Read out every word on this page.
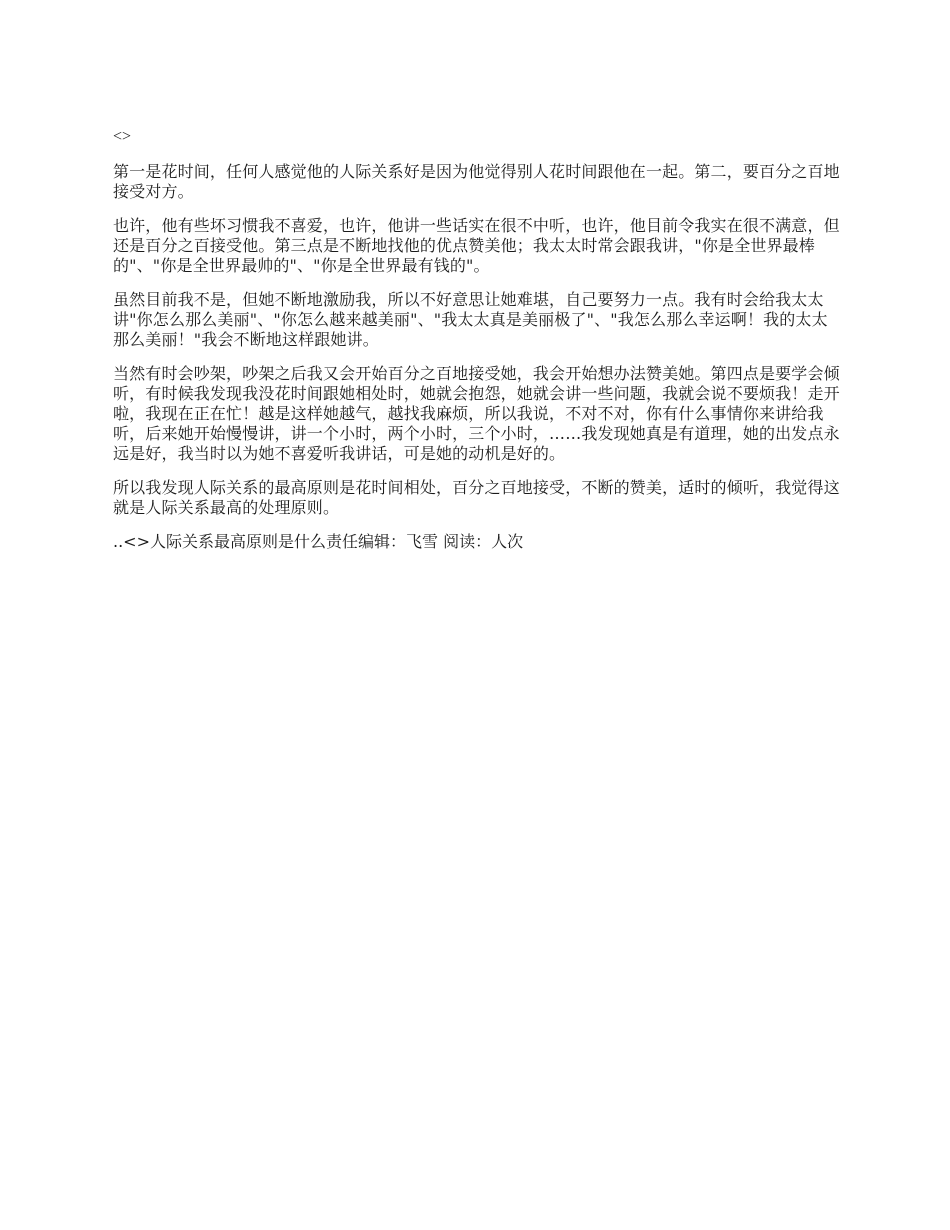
<>

第一是花时间，任何人感觉他的人际关系好是因为他觉得别人花时间跟他在一起。第二，要百分之百地接受对方。

也许，他有些坏习惯我不喜爱，也许，他讲一些话实在很不中听，也许，他目前令我实在很不满意，但还是百分之百接受他。第三点是不断地找他的优点赞美他；我太太时常会跟我讲，"你是全世界最棒的"、"你是全世界最帅的"、"你是全世界最有钱的"。

虽然目前我不是，但她不断地激励我，所以不好意思让她难堪，自己要努力一点。我有时会给我太太讲"你怎么那么美丽"、"你怎么越来越美丽"、"我太太真是美丽极了"、"我怎么那么幸运啊！我的太太那么美丽！"我会不断地这样跟她讲。

当然有时会吵架，吵架之后我又会开始百分之百地接受她，我会开始想办法赞美她。第四点是要学会倾听，有时候我发现我没花时间跟她相处时，她就会抱怨，她就会讲一些问题，我就会说不要烦我！走开啦，我现在正在忙！越是这样她越气，越找我麻烦，所以我说，不对不对，你有什么事情你来讲给我听，后来她开始慢慢讲，讲一个小时，两个小时，三个小时，……我发现她真是有道理，她的出发点永远是好，我当时以为她不喜爱听我讲话，可是她的动机是好的。

所以我发现人际关系的最高原则是花时间相处，百分之百地接受，不断的赞美，适时的倾听，我觉得这就是人际关系最高的处理原则。

..<>人际关系最高原则是什么责任编辑：飞雪 阅读：人次
